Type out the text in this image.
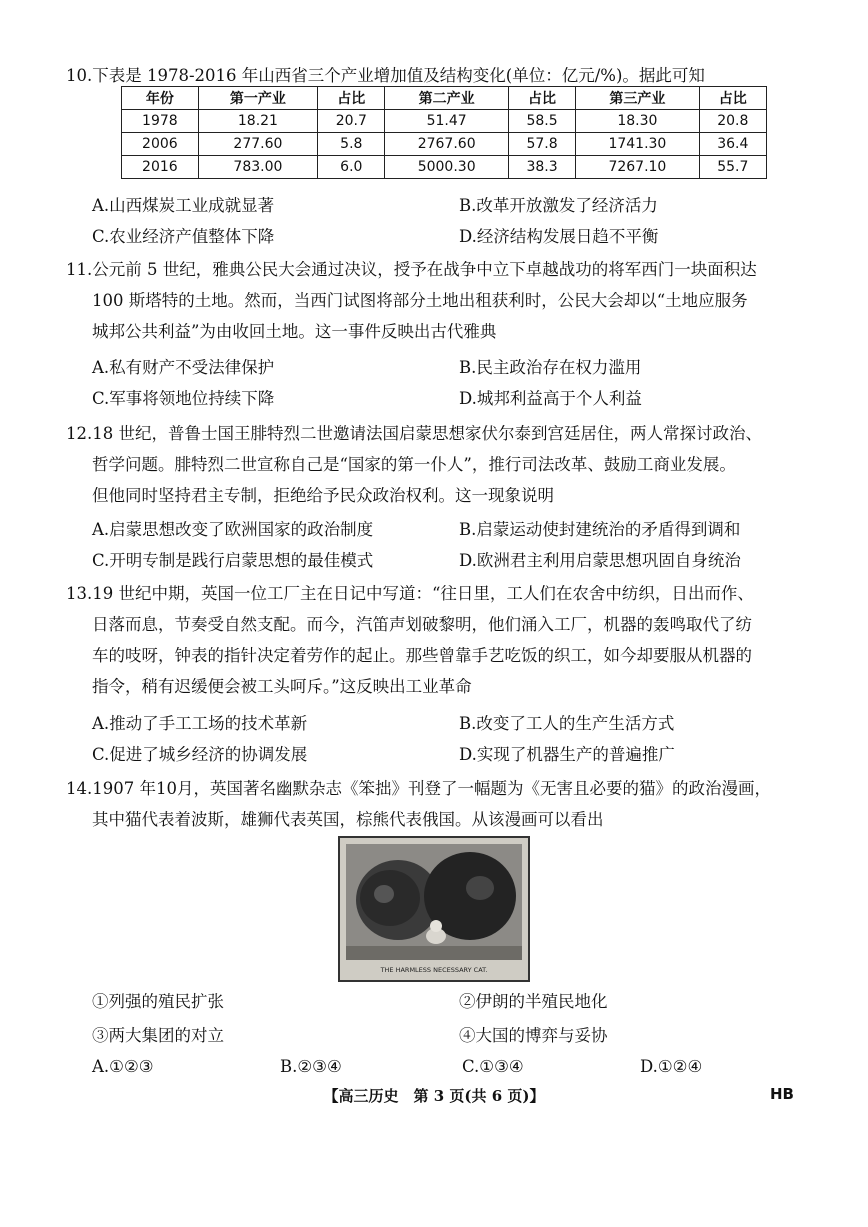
10.下表是 1978-2016 年山西省三个产业增加值及结构变化(单位：亿元/%)。据此可知
年份	第一产业	占比	第二产业	占比	第三产业	占比
1978	18.21	20.7	51.47	58.5	18.30	20.8
2006	277.60	5.8	2767.60	57.8	1741.30	36.4
2016	783.00	6.0	5000.30	38.3	7267.10	55.7
A.山西煤炭工业成就显著	B.改革开放激发了经济活力
C.农业经济产值整体下降	D.经济结构发展日趋不平衡
11.公元前 5 世纪，雅典公民大会通过决议，授予在战争中立下卓越战功的将军西门一块面积达
100 斯塔特的土地。然而，当西门试图将部分土地出租获利时，公民大会却以“土地应服务
城邦公共利益”为由收回土地。这一事件反映出古代雅典
A.私有财产不受法律保护	B.民主政治存在权力滥用
C.军事将领地位持续下降	D.城邦利益高于个人利益
12.18 世纪，普鲁士国王腓特烈二世邀请法国启蒙思想家伏尔泰到宫廷居住，两人常探讨政治、
哲学问题。腓特烈二世宣称自己是“国家的第一仆人”，推行司法改革、鼓励工商业发展。
但他同时坚持君主专制，拒绝给予民众政治权利。这一现象说明
A.启蒙思想改变了欧洲国家的政治制度	B.启蒙运动使封建统治的矛盾得到调和
C.开明专制是践行启蒙思想的最佳模式	D.欧洲君主利用启蒙思想巩固自身统治
13.19 世纪中期，英国一位工厂主在日记中写道：“往日里，工人们在农舍中纺织，日出而作、
日落而息，节奏受自然支配。而今，汽笛声划破黎明，他们涌入工厂，机器的轰鸣取代了纺
车的吱呀，钟表的指针决定着劳作的起止。那些曾靠手艺吃饭的织工，如今却要服从机器的
指令，稍有迟缓便会被工头呵斥。”这反映出工业革命
A.推动了手工工场的技术革新	B.改变了工人的生产生活方式
C.促进了城乡经济的协调发展	D.实现了机器生产的普遍推广
14.1907 年10月，英国著名幽默杂志《笨拙》刊登了一幅题为《无害且必要的猫》的政治漫画，
其中猫代表着波斯，雄狮代表英国，棕熊代表俄国。从该漫画可以看出
THE HARMLESS NECESSARY CAT.
①列强的殖民扩张	②伊朗的半殖民地化
③两大集团的对立	④大国的博弈与妥协
A.①②③	B.②③④	C.①③④	D.①②④
【高三历史　第 3 页(共 6 页)】	HB
